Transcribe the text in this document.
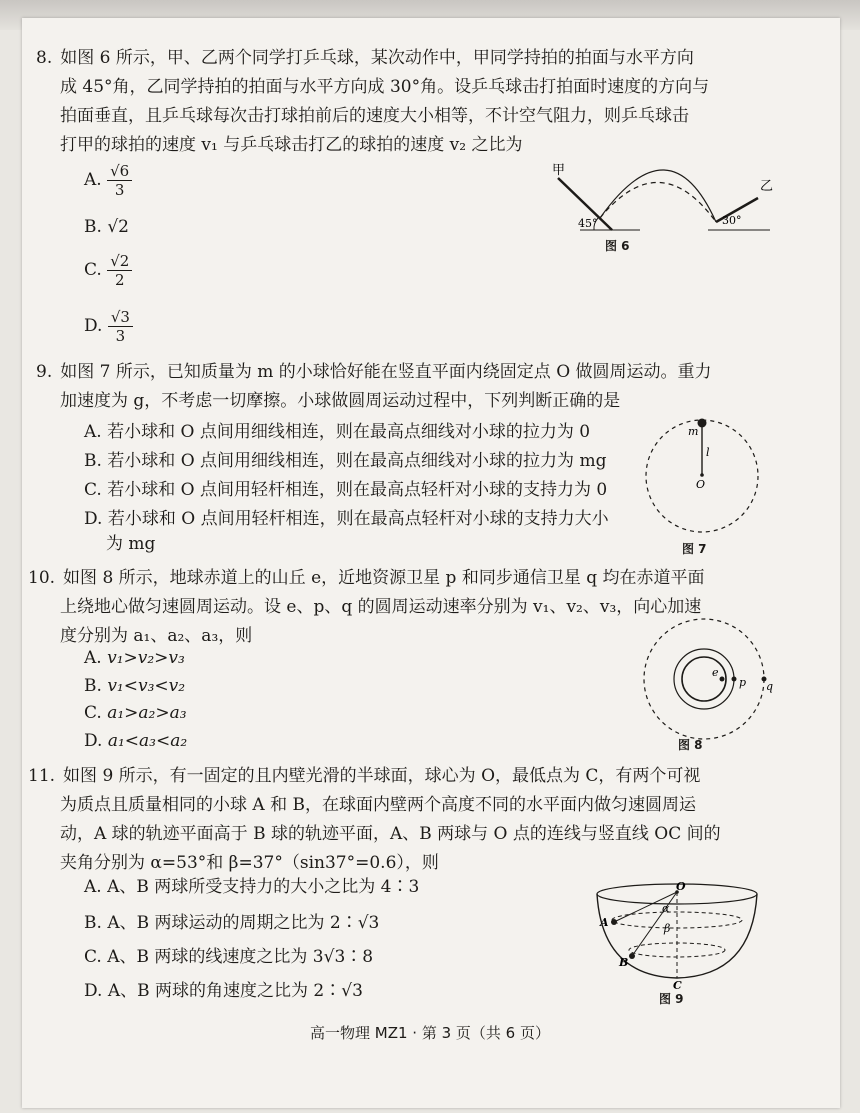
8. 如图 6 所示，甲、乙两个同学打乒乓球，某次动作中，甲同学持拍的拍面与水平方向
成 45°角，乙同学持拍的拍面与水平方向成 30°角。设乒乓球击打拍面时速度的方向与
拍面垂直，且乒乓球每次击打球拍前后的速度大小相等，不计空气阻力，则乒乓球击
打甲的球拍的速度 v₁ 与乒乓球击打乙的球拍的速度 v₂ 之比为
A. $\frac{√6}{3}$
B. √2
C. $\frac{√2}{2}$
D. $\frac{√3}{3}$
甲
乙
45°	30°
图 6
9. 如图 7 所示，已知质量为 m 的小球恰好能在竖直平面内绕固定点 O 做圆周运动。重力
加速度为 g，不考虑一切摩擦。小球做圆周运动过程中，下列判断正确的是
A. 若小球和 O 点间用细线相连，则在最高点细线对小球的拉力为 0
B. 若小球和 O 点间用细线相连，则在最高点细线对小球的拉力为 mg
C. 若小球和 O 点间用轻杆相连，则在最高点轻杆对小球的支持力为 0
D. 若小球和 O 点间用轻杆相连，则在最高点轻杆对小球的支持力大小
为 mg
m
l
O
图 7
10. 如图 8 所示，地球赤道上的山丘 e，近地资源卫星 p 和同步通信卫星 q 均在赤道平面
上绕地心做匀速圆周运动。设 e、p、q 的圆周运动速率分别为 v₁、v₂、v₃，向心加速
度分别为 a₁、a₂、a₃，则
A. v₁>v₂>v₃
B. v₁<v₃<v₂
C. a₁>a₂>a₃
D. a₁<a₃<a₂
e
p q
图 8
11. 如图 9 所示，有一固定的且内壁光滑的半球面，球心为 O，最低点为 C，有两个可视
为质点且质量相同的小球 A 和 B，在球面内壁两个高度不同的水平面内做匀速圆周运
动，A 球的轨迹平面高于 B 球的轨迹平面，A、B 两球与 O 点的连线与竖直线 OC 间的
夹角分别为 α=53°和 β=37°（sin37°=0.6），则
A. A、B 两球所受支持力的大小之比为 4∶3
B. A、B 两球运动的周期之比为 2∶√3
C. A、B 两球的线速度之比为 3√3∶8
D. A、B 两球的角速度之比为 2∶√3
O
A
B
C
α
β
图 9
高一物理 MZ1 · 第 3 页（共 6 页）
